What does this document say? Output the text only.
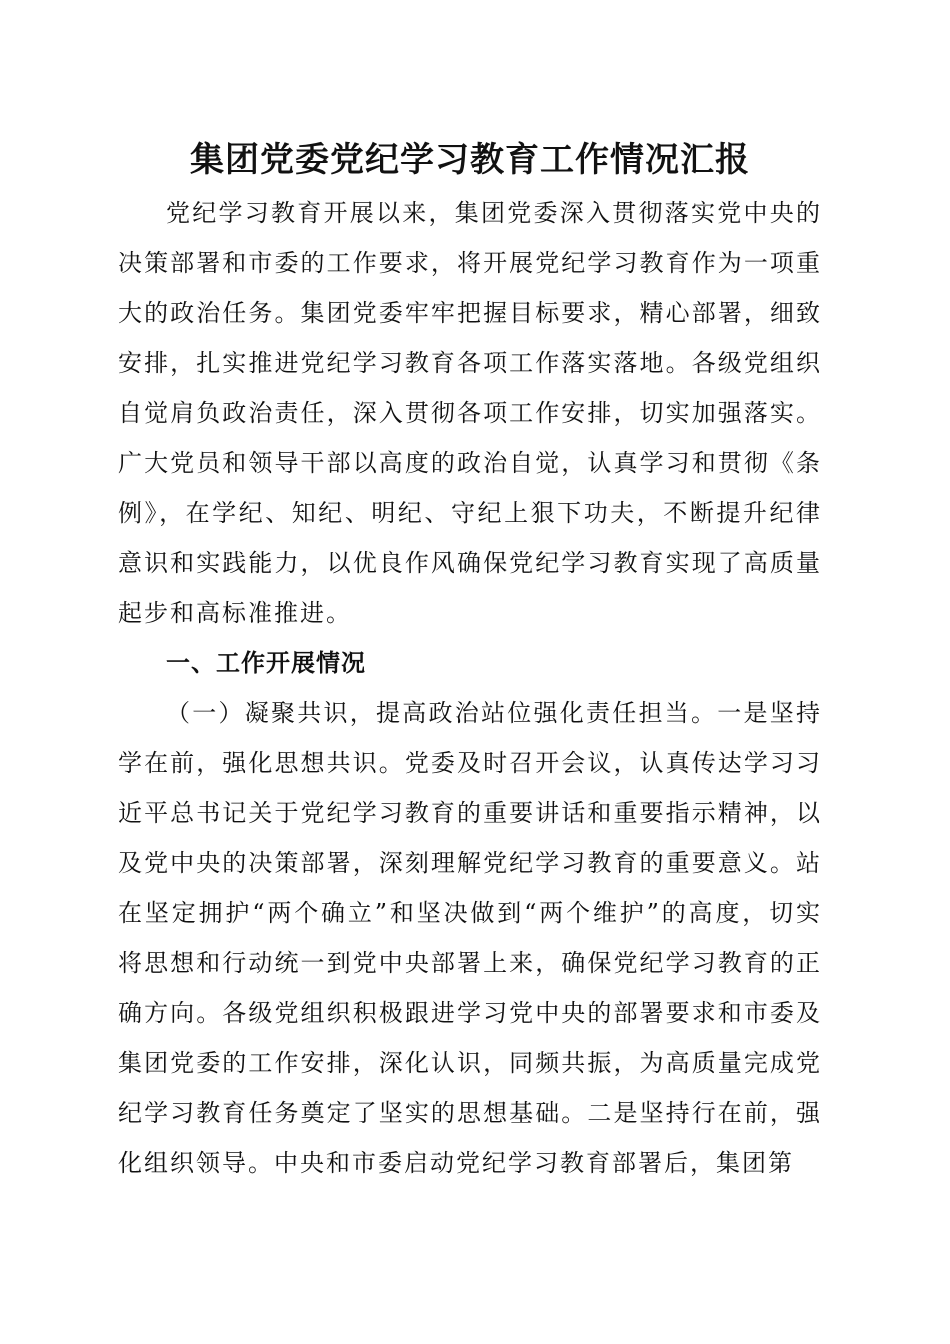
集团党委党纪学习教育工作情况汇报

党纪学习教育开展以来，集团党委深入贯彻落实党中央的决策部署和市委的工作要求，将开展党纪学习教育作为一项重大的政治任务。集团党委牢牢把握目标要求，精心部署，细致安排，扎实推进党纪学习教育各项工作落实落地。各级党组织自觉肩负政治责任，深入贯彻各项工作安排，切实加强落实。广大党员和领导干部以高度的政治自觉，认真学习和贯彻《条例》，在学纪、知纪、明纪、守纪上狠下功夫，不断提升纪律意识和实践能力，以优良作风确保党纪学习教育实现了高质量起步和高标准推进。

一、工作开展情况

（一）凝聚共识，提高政治站位强化责任担当。一是坚持学在前，强化思想共识。党委及时召开会议，认真传达学习习近平总书记关于党纪学习教育的重要讲话和重要指示精神，以及党中央的决策部署，深刻理解党纪学习教育的重要意义。站在坚定拥护“两个确立”和坚决做到“两个维护”的高度，切实将思想和行动统一到党中央部署上来，确保党纪学习教育的正确方向。各级党组织积极跟进学习党中央的部署要求和市委及集团党委的工作安排，深化认识，同频共振，为高质量完成党纪学习教育任务奠定了坚实的思想基础。二是坚持行在前，强化组织领导。中央和市委启动党纪学习教育部署后，集团第
